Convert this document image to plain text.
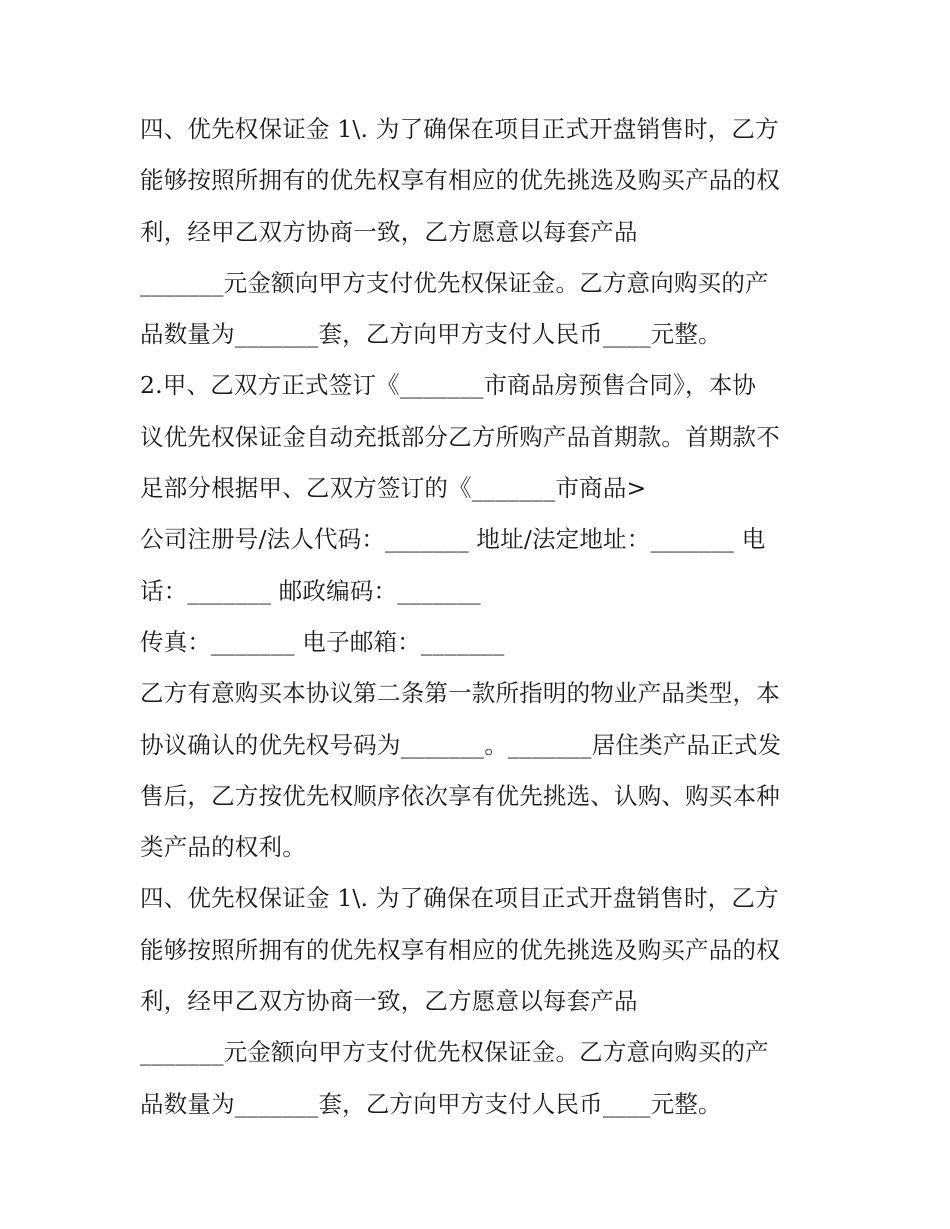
四、优先权保证金 1\. 为了确保在项目正式开盘销售时，乙方
能够按照所拥有的优先权享有相应的优先挑选及购买产品的权
利，经甲乙双方协商一致，乙方愿意以每套产品
_______元金额向甲方支付优先权保证金。乙方意向购买的产
品数量为_______套，乙方向甲方支付人民币____元整。
2.甲、乙双方正式签订《_______市商品房预售合同》，本协
议优先权保证金自动充抵部分乙方所购产品首期款。首期款不
足部分根据甲、乙双方签订的《_______市商品>
公司注册号/法人代码：_______ 地址/法定地址：_______ 电
话：_______ 邮政编码：_______
传真：_______ 电子邮箱：_______
乙方有意购买本协议第二条第一款所指明的物业产品类型，本
协议确认的优先权号码为_______。_______居住类产品正式发
售后，乙方按优先权顺序依次享有优先挑选、认购、购买本种
类产品的权利。
四、优先权保证金 1\. 为了确保在项目正式开盘销售时，乙方
能够按照所拥有的优先权享有相应的优先挑选及购买产品的权
利，经甲乙双方协商一致，乙方愿意以每套产品
_______元金额向甲方支付优先权保证金。乙方意向购买的产
品数量为_______套，乙方向甲方支付人民币____元整。
